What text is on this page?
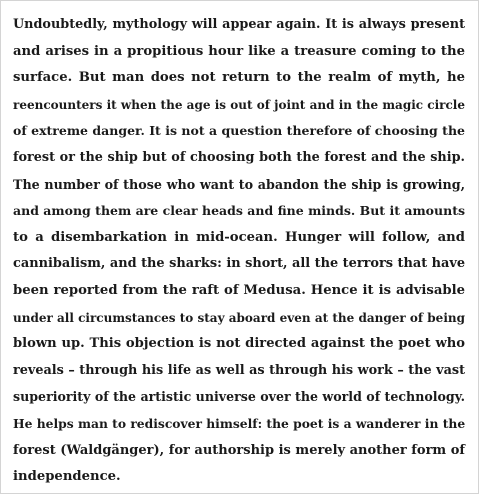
Undoubtedly, mythology will appear again. It is always present
and arises in a propitious hour like a treasure coming to the
surface. But man does not return to the realm of myth, he
reencounters it when the age is out of joint and in the magic circle
of extreme danger. It is not a question therefore of choosing the
forest or the ship but of choosing both the forest and the ship.
The number of those who want to abandon the ship is growing,
and among them are clear heads and fine minds. But it amounts
to a disembarkation in mid-ocean. Hunger will follow, and
cannibalism, and the sharks: in short, all the terrors that have
been reported from the raft of Medusa. Hence it is advisable
under all circumstances to stay aboard even at the danger of being
blown up. This objection is not directed against the poet who
reveals – through his life as well as through his work – the vast
superiority of the artistic universe over the world of technology.
He helps man to rediscover himself: the poet is a wanderer in the
forest (Waldgänger), for authorship is merely another form of
independence.
